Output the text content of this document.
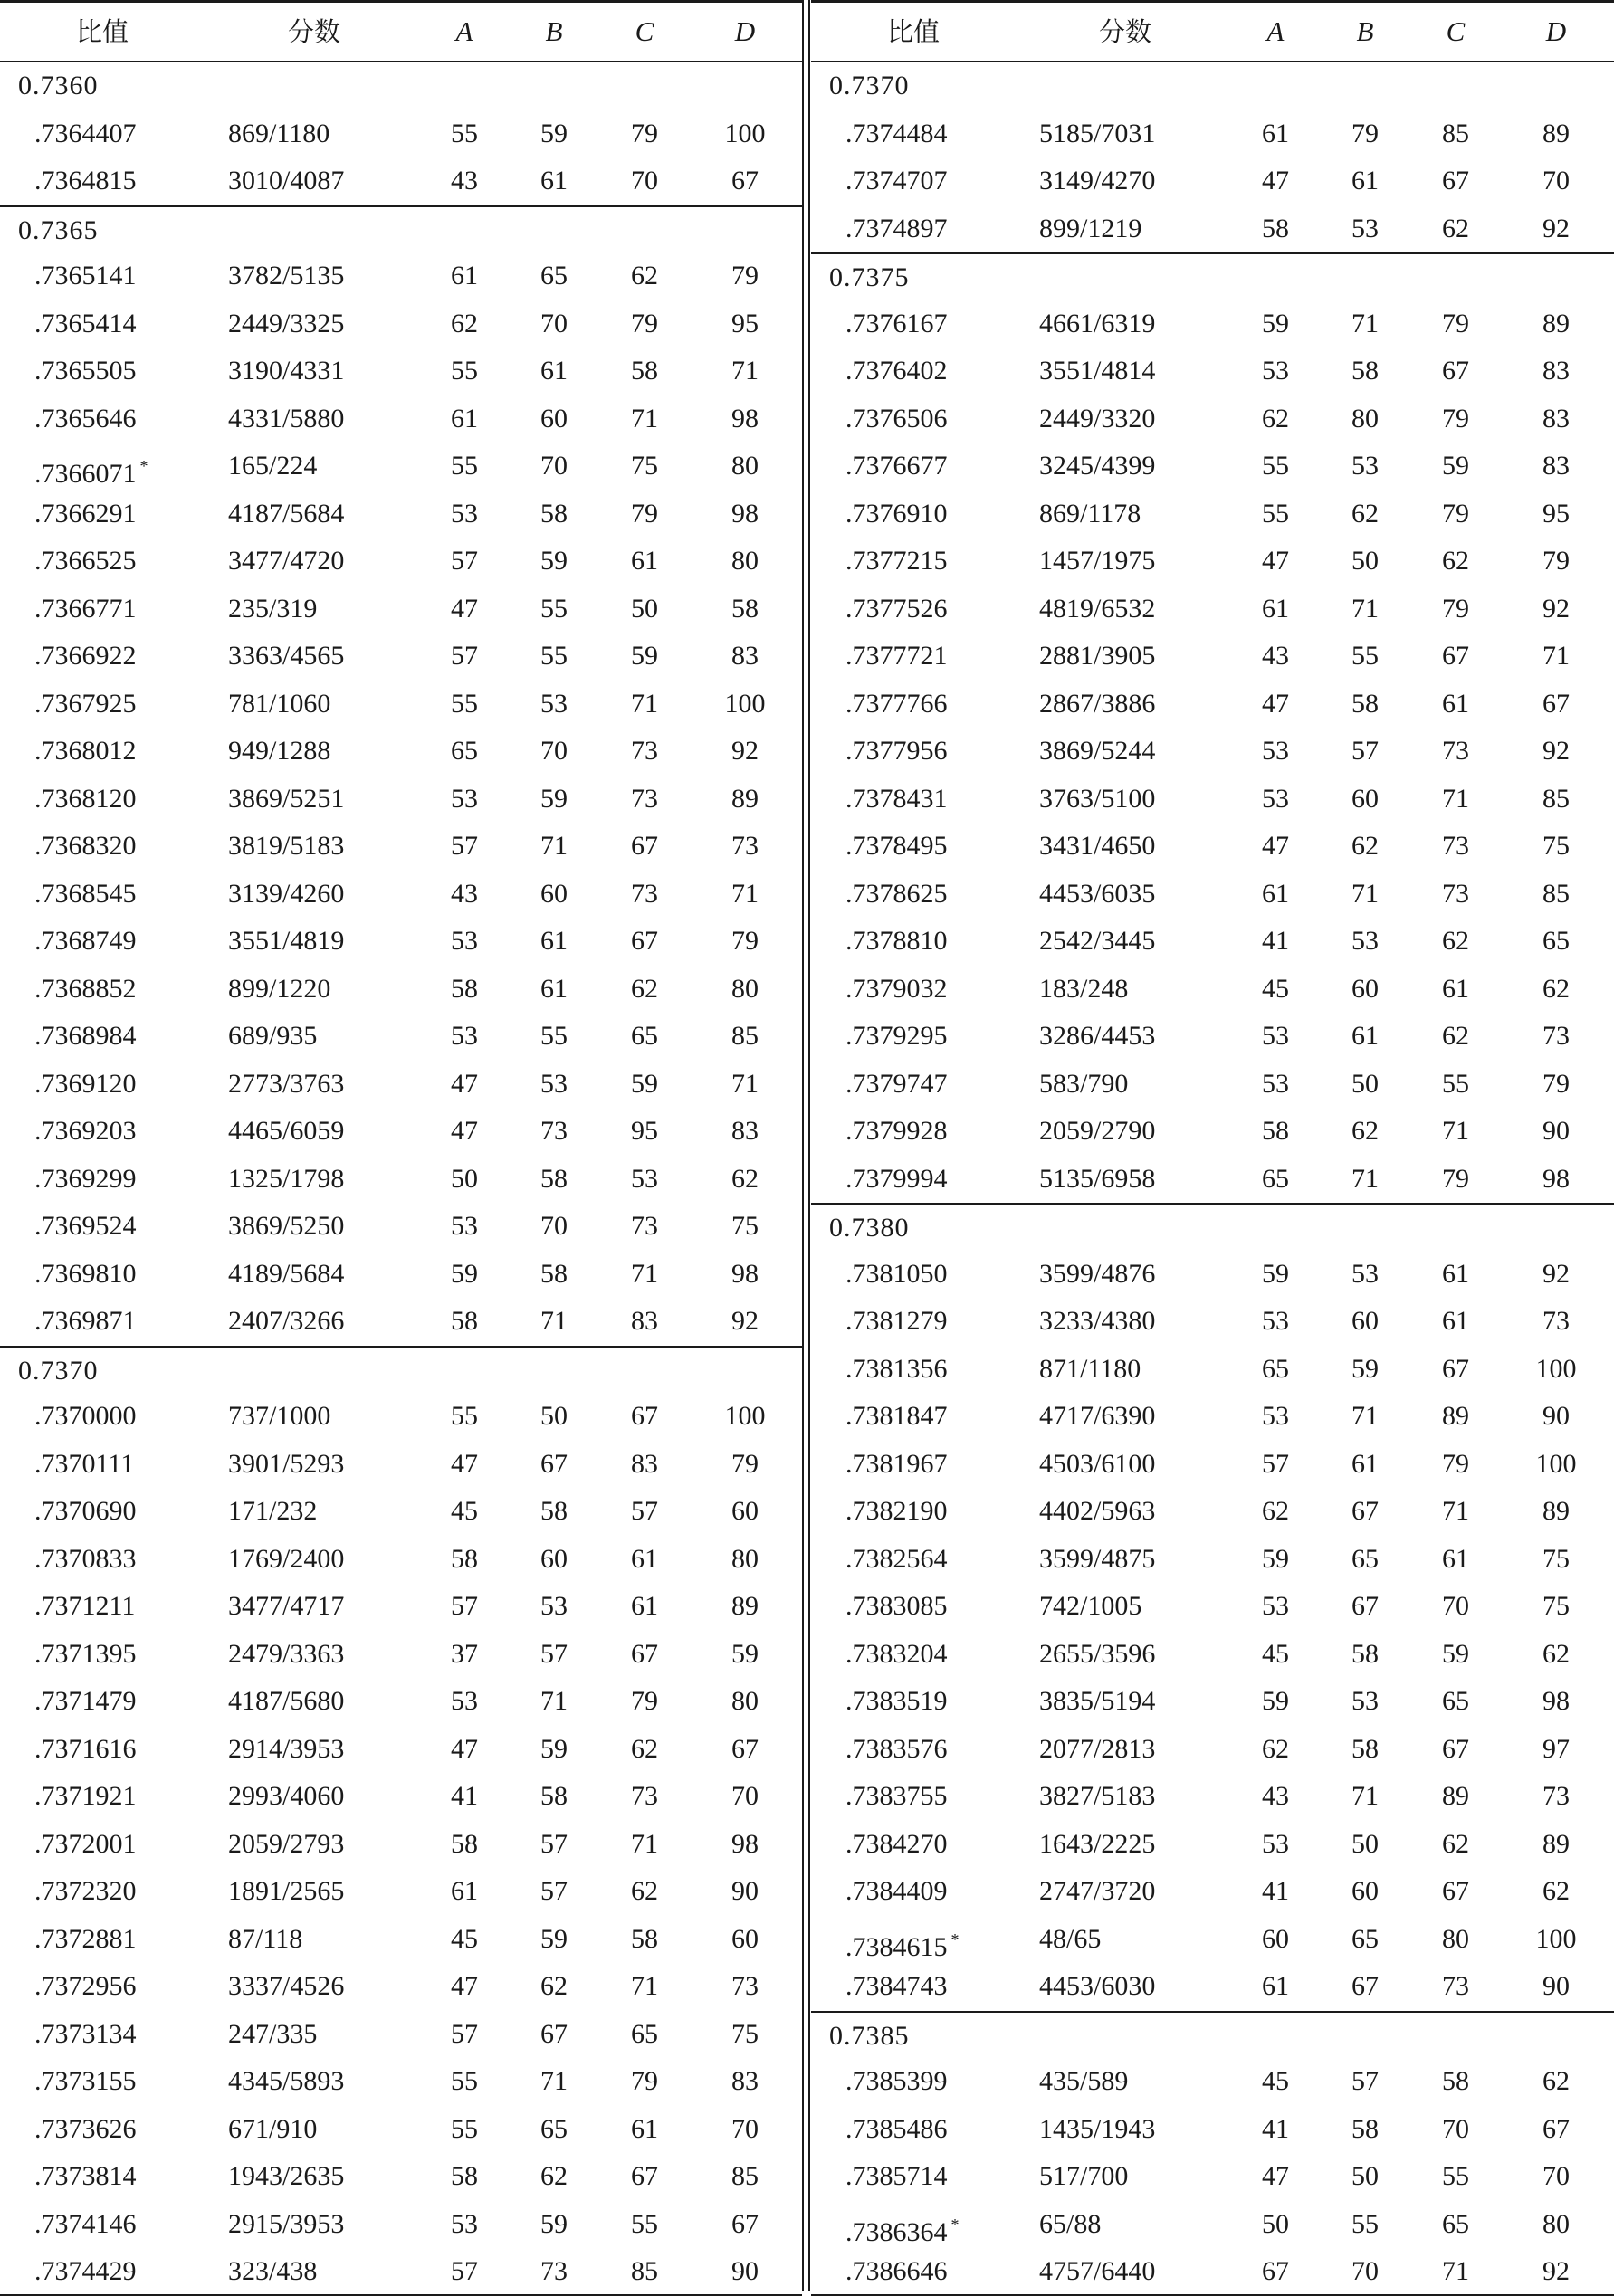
比值	分数	A	B	C	D
0.7360
.7364407	869/1180	55	59	79	100
.7364815	3010/4087	43	61	70	67
0.7365
.7365141	3782/5135	61	65	62	79
.7365414	2449/3325	62	70	79	95
.7365505	3190/4331	55	61	58	71
.7365646	4331/5880	61	60	71	98
.7366071 *	165/224	55	70	75	80
.7366291	4187/5684	53	58	79	98
.7366525	3477/4720	57	59	61	80
.7366771	235/319	47	55	50	58
.7366922	3363/4565	57	55	59	83
.7367925	781/1060	55	53	71	100
.7368012	949/1288	65	70	73	92
.7368120	3869/5251	53	59	73	89
.7368320	3819/5183	57	71	67	73
.7368545	3139/4260	43	60	73	71
.7368749	3551/4819	53	61	67	79
.7368852	899/1220	58	61	62	80
.7368984	689/935	53	55	65	85
.7369120	2773/3763	47	53	59	71
.7369203	4465/6059	47	73	95	83
.7369299	1325/1798	50	58	53	62
.7369524	3869/5250	53	70	73	75
.7369810	4189/5684	59	58	71	98
.7369871	2407/3266	58	71	83	92
0.7370
.7370000	737/1000	55	50	67	100
.7370111	3901/5293	47	67	83	79
.7370690	171/232	45	58	57	60
.7370833	1769/2400	58	60	61	80
.7371211	3477/4717	57	53	61	89
.7371395	2479/3363	37	57	67	59
.7371479	4187/5680	53	71	79	80
.7371616	2914/3953	47	59	62	67
.7371921	2993/4060	41	58	73	70
.7372001	2059/2793	58	57	71	98
.7372320	1891/2565	61	57	62	90
.7372881	87/118	45	59	58	60
.7372956	3337/4526	47	62	71	73
.7373134	247/335	57	67	65	75
.7373155	4345/5893	55	71	79	83
.7373626	671/910	55	65	61	70
.7373814	1943/2635	58	62	67	85
.7374146	2915/3953	53	59	55	67
.7374429	323/438	57	73	85	90
比值	分数	A	B	C	D
0.7370
.7374484	5185/7031	61	79	85	89
.7374707	3149/4270	47	61	67	70
.7374897	899/1219	58	53	62	92
0.7375
.7376167	4661/6319	59	71	79	89
.7376402	3551/4814	53	58	67	83
.7376506	2449/3320	62	80	79	83
.7376677	3245/4399	55	53	59	83
.7376910	869/1178	55	62	79	95
.7377215	1457/1975	47	50	62	79
.7377526	4819/6532	61	71	79	92
.7377721	2881/3905	43	55	67	71
.7377766	2867/3886	47	58	61	67
.7377956	3869/5244	53	57	73	92
.7378431	3763/5100	53	60	71	85
.7378495	3431/4650	47	62	73	75
.7378625	4453/6035	61	71	73	85
.7378810	2542/3445	41	53	62	65
.7379032	183/248	45	60	61	62
.7379295	3286/4453	53	61	62	73
.7379747	583/790	53	50	55	79
.7379928	2059/2790	58	62	71	90
.7379994	5135/6958	65	71	79	98
0.7380
.7381050	3599/4876	59	53	61	92
.7381279	3233/4380	53	60	61	73
.7381356	871/1180	65	59	67	100
.7381847	4717/6390	53	71	89	90
.7381967	4503/6100	57	61	79	100
.7382190	4402/5963	62	67	71	89
.7382564	3599/4875	59	65	61	75
.7383085	742/1005	53	67	70	75
.7383204	2655/3596	45	58	59	62
.7383519	3835/5194	59	53	65	98
.7383576	2077/2813	62	58	67	97
.7383755	3827/5183	43	71	89	73
.7384270	1643/2225	53	50	62	89
.7384409	2747/3720	41	60	67	62
.7384615 *	48/65	60	65	80	100
.7384743	4453/6030	61	67	73	90
0.7385
.7385399	435/589	45	57	58	62
.7385486	1435/1943	41	58	70	67
.7385714	517/700	47	50	55	70
.7386364 *	65/88	50	55	65	80
.7386646	4757/6440	67	70	71	92
